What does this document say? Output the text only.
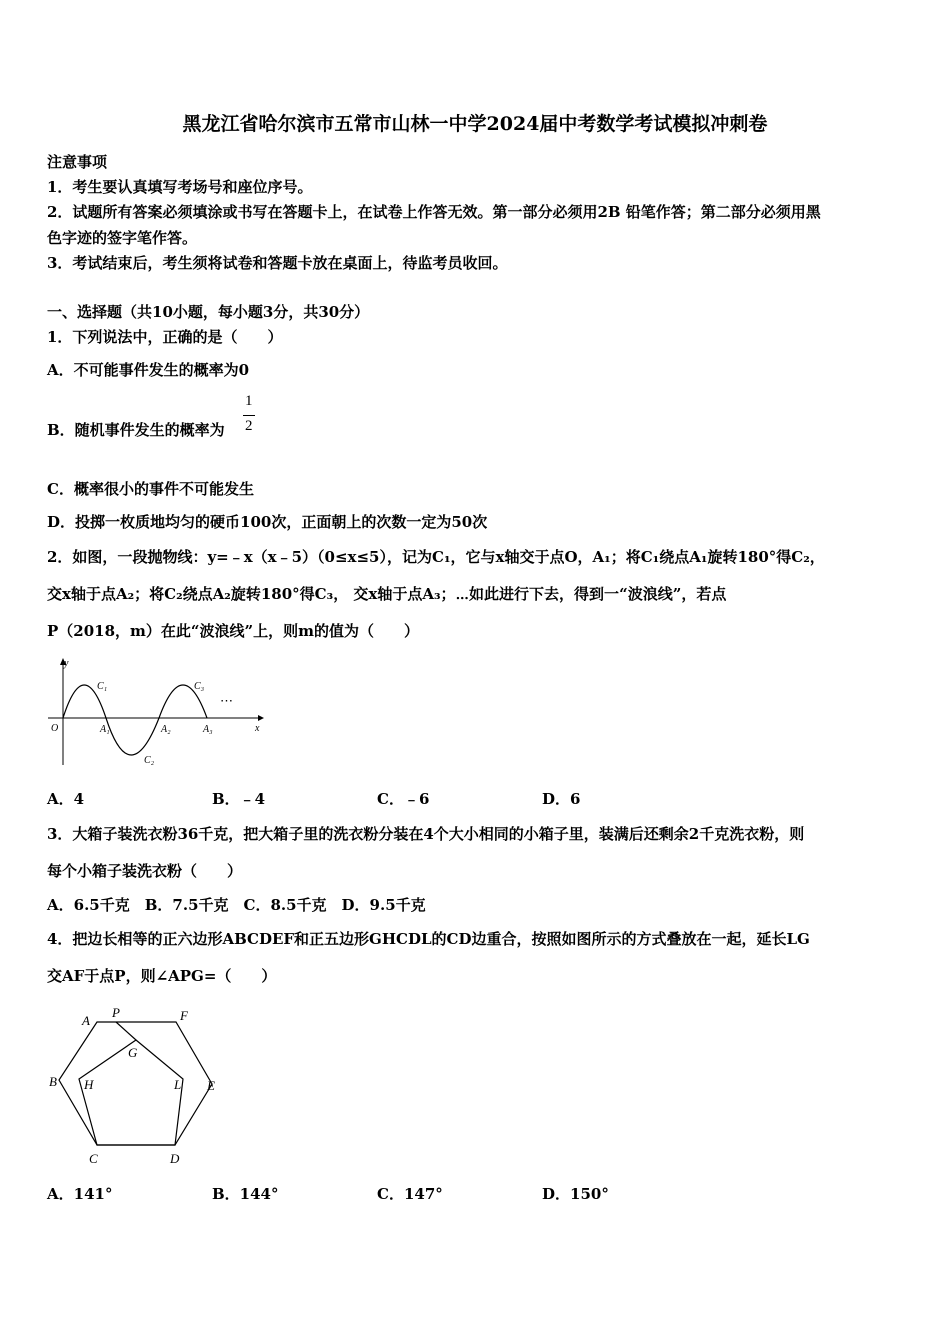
黑龙江省哈尔滨市五常市山林一中学2024届中考数学考试模拟冲刺卷
注意事项
1．考生要认真填写考场号和座位序号。
2．试题所有答案必须填涂或书写在答题卡上，在试卷上作答无效。第一部分必须用2B 铅笔作答；第二部分必须用黑
色字迹的签字笔作答。
3．考试结束后，考生须将试卷和答题卡放在桌面上，待监考员收回。
一、选择题（共10小题，每小题3分，共30分）
1．下列说法中，正确的是（　　）
A．不可能事件发生的概率为0
B．随机事件发生的概率为
1
2
C．概率很小的事件不可能发生
D．投掷一枚质地均匀的硬币100次，正面朝上的次数一定为50次
2．如图，一段抛物线：y=﹣x（x﹣5）（0≤x≤5），记为C₁，它与x轴交于点O，A₁；将C₁绕点A₁旋转180°得C₂，
交x轴于点A₂；将C₂绕点A₂旋转180°得C₃， 交x轴于点A₃；⋯如此进行下去，得到一“波浪线”，若点
P（2018，m）在此“波浪线”上，则m的值为（　　）
y
x
O	A₁	A₂	A₃
C₁
C₂
C₃
⋯
A．4	B．﹣4	C．﹣6	D．6
3．大箱子装洗衣粉36千克，把大箱子里的洗衣粉分装在4个大小相同的小箱子里，装满后还剩余2千克洗衣粉，则
每个小箱子装洗衣粉（　　）
A．6.5千克　B．7.5千克　C．8.5千克　D．9.5千克
4．把边长相等的正六边形ABCDEF和正五边形GHCDL的CD边重合，按照如图所示的方式叠放在一起，延长LG
交AF于点P，则∠APG=（　　）
A
P	F
G
B H	L E
C	D
A．141°	B．144°	C．147°	D．150°
